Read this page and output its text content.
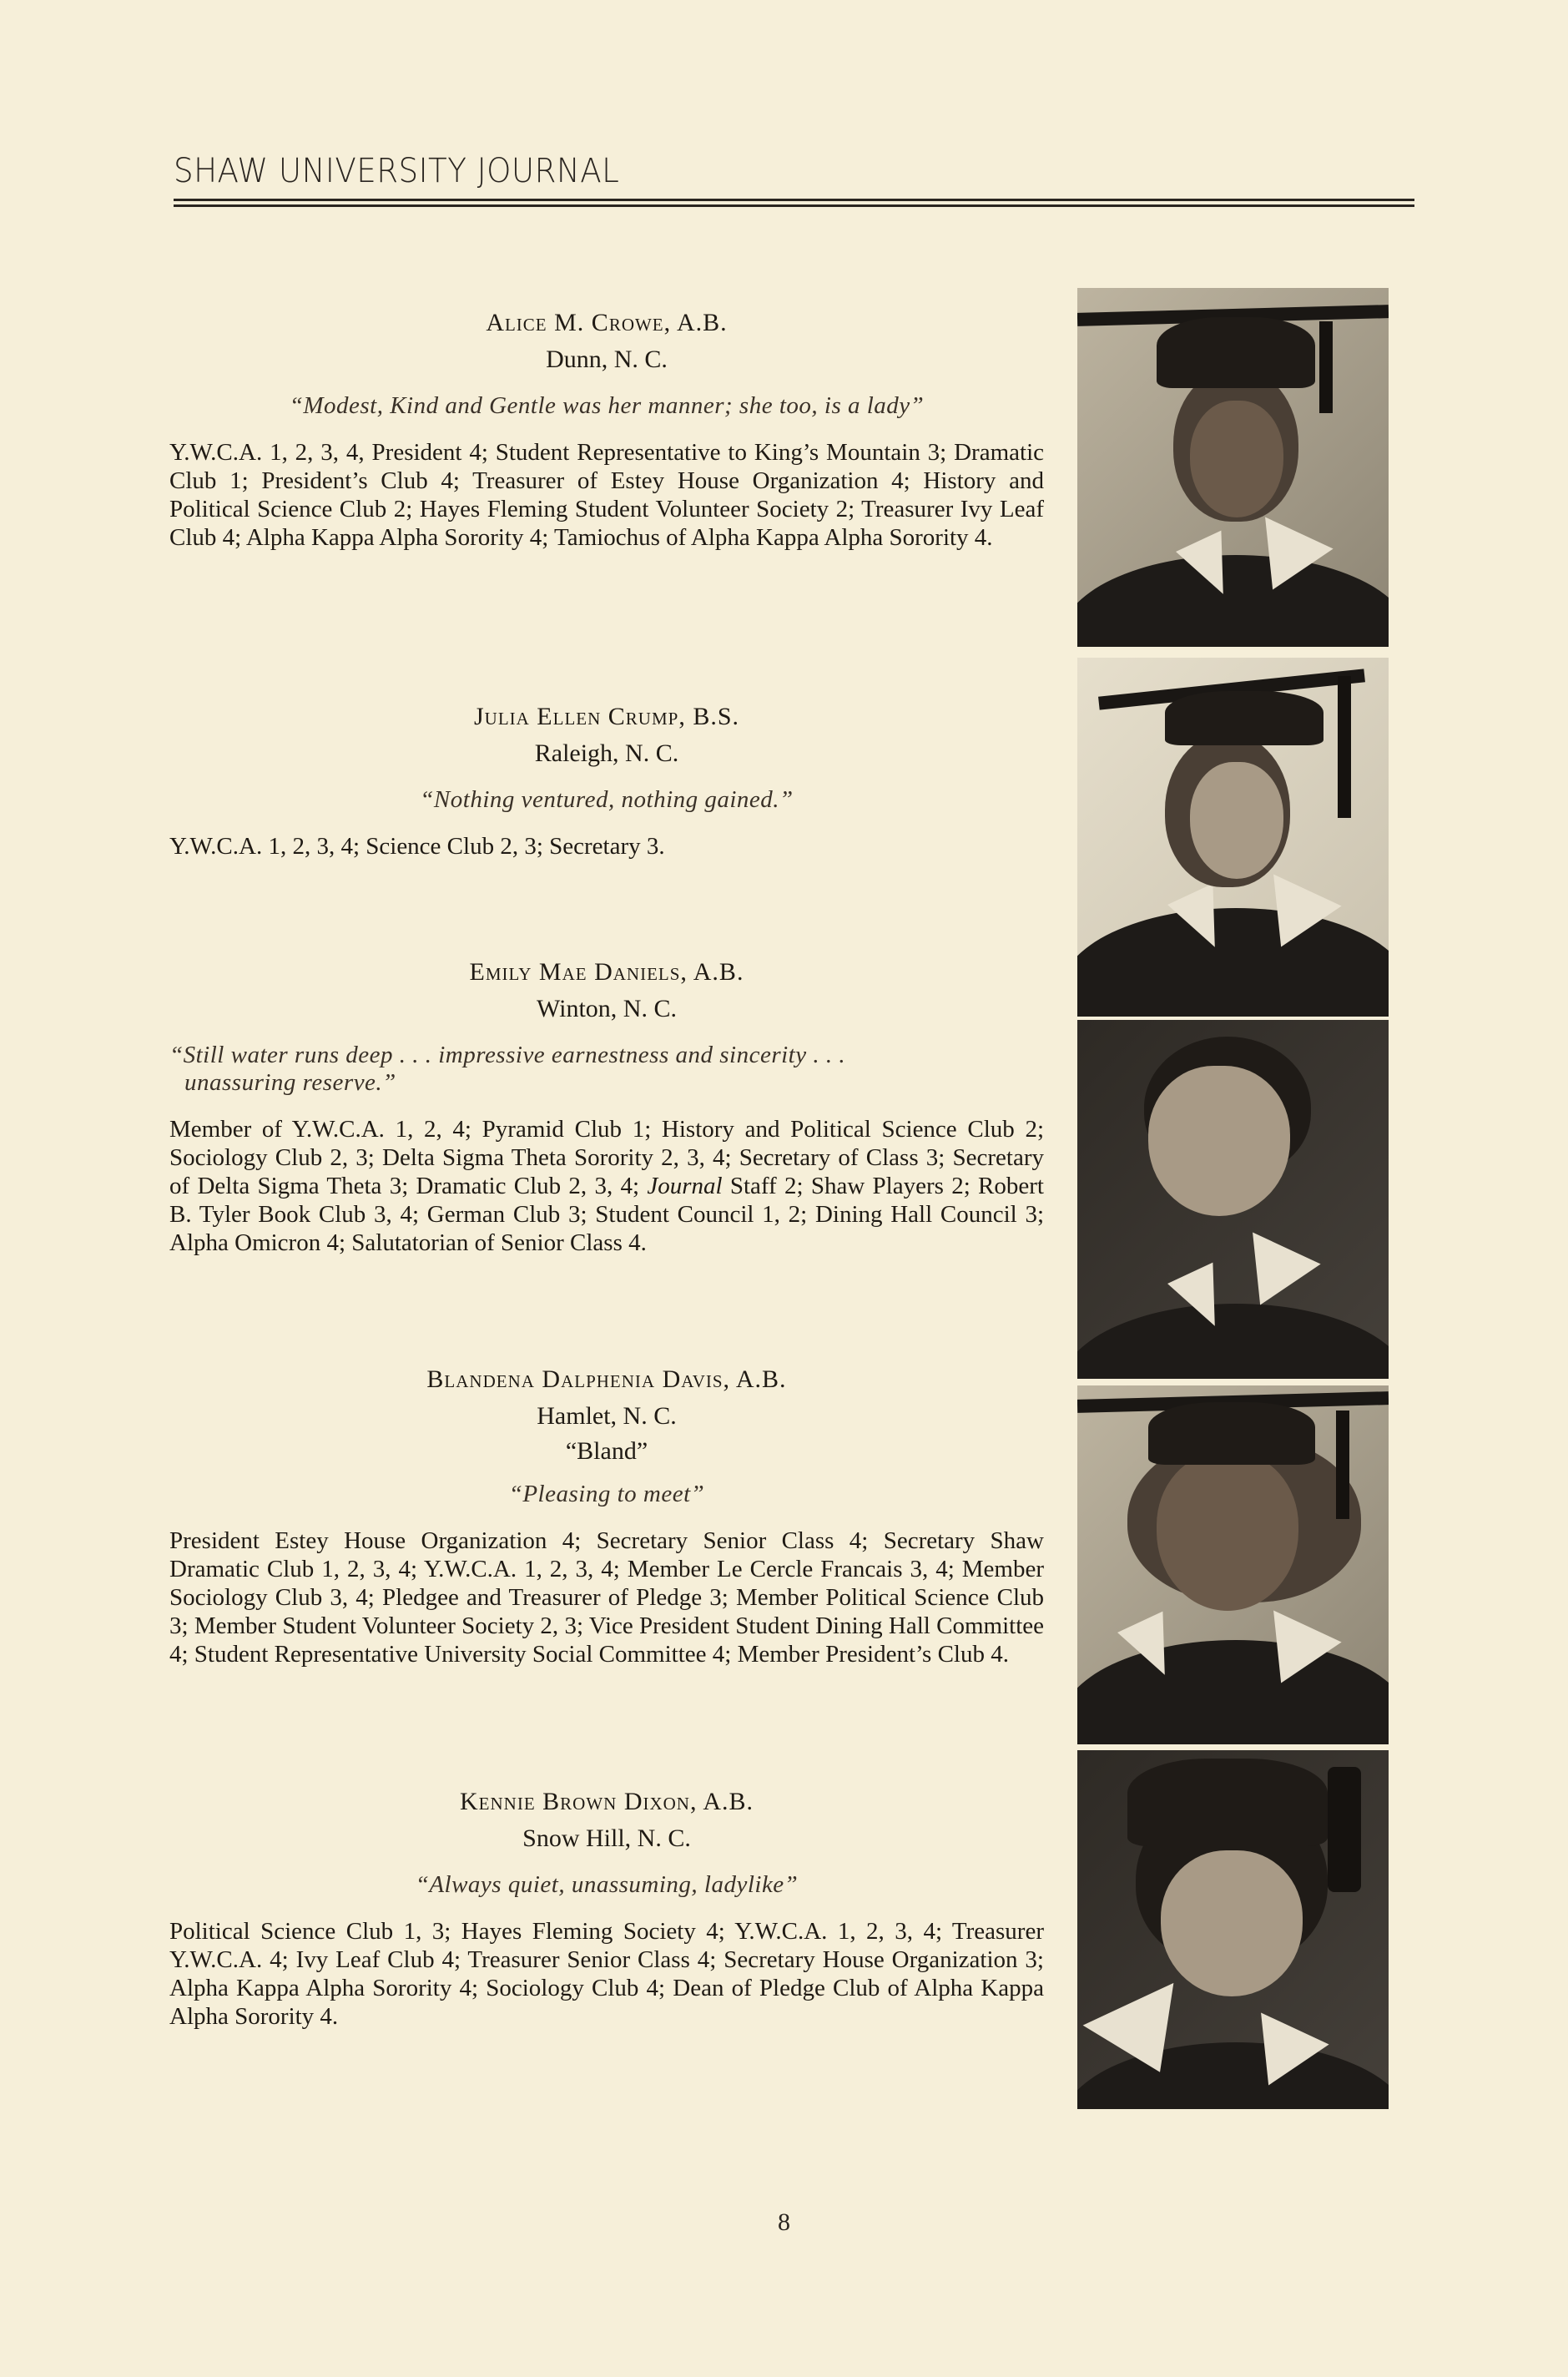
SHAW UNIVERSITY JOURNAL

Alice M. Crowe, A.B.

Dunn, N. C.

“Modest, Kind and Gentle was her manner; she too, is a lady”

Y.W.C.A. 1, 2, 3, 4, President 4; Student Representative to King’s Mountain 3; Dramatic Club 1; President’s Club 4; Treasurer of Estey House Organization 4; History and Political Science Club 2; Hayes Fleming Student Volunteer Society 2; Treasurer Ivy Leaf Club 4; Alpha Kappa Alpha Sorority 4; Tamiochus of Alpha Kappa Alpha Sorority 4.

Julia Ellen Crump, B.S.

Raleigh, N. C.

“Nothing ventured, nothing gained.”

Y.W.C.A. 1, 2, 3, 4; Science Club 2, 3; Secretary 3.

Emily Mae Daniels, A.B.

Winton, N. C.

“Still water runs deep . . . impressive earnestness and sincerity . . .
unassuring reserve.”

Member of Y.W.C.A. 1, 2, 4; Pyramid Club 1; History and Political Science Club 2; Sociology Club 2, 3; Delta Sigma Theta Sorority 2, 3, 4; Secretary of Class 3; Secretary of Delta Sigma Theta 3; Dramatic Club 2, 3, 4; Journal Staff 2; Shaw Players 2; Robert B. Tyler Book Club 3, 4; German Club 3; Student Council 1, 2; Dining Hall Council 3; Alpha Omicron 4; Salutatorian of Senior Class 4.

Blandena Dalphenia Davis, A.B.

Hamlet, N. C.

“Bland”

“Pleasing to meet”

President Estey House Organization 4; Secretary Senior Class 4; Secretary Shaw Dramatic Club 1, 2, 3, 4; Y.W.C.A. 1, 2, 3, 4; Member Le Cercle Francais 3, 4; Member Sociology Club 3, 4; Pledgee and Treasurer of Pledge 3; Member Political Science Club 3; Member Student Volunteer Society 2, 3; Vice President Student Dining Hall Committee 4; Student Representative University Social Committee 4; Member President’s Club 4.

Kennie Brown Dixon, A.B.

Snow Hill, N. C.

“Always quiet, unassuming, ladylike”

Political Science Club 1, 3; Hayes Fleming Society 4; Y.W.C.A. 1, 2, 3, 4; Treasurer Y.W.C.A. 4; Ivy Leaf Club 4; Treasurer Senior Class 4; Secretary House Organization 3; Alpha Kappa Alpha Sorority 4; Sociology Club 4; Dean of Pledge Club of Alpha Kappa Alpha Sorority 4.

8
